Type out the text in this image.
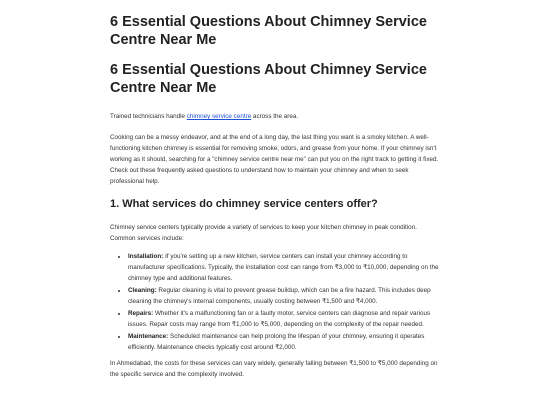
6 Essential Questions About Chimney Service Centre Near Me
6 Essential Questions About Chimney Service Centre Near Me

Trained technicians handle chimney service centre across the area.

Cooking can be a messy endeavor, and at the end of a long day, the last thing you want is a smoky kitchen. A well-functioning kitchen chimney is essential for removing smoke, odors, and grease from your home. If your chimney isn't working as it should, searching for a "chimney service centre near me" can put you on the right track to getting it fixed. Check out these frequently asked questions to understand how to maintain your chimney and when to seek professional help.

1. What services do chimney service centers offer?

Chimney service centers typically provide a variety of services to keep your kitchen chimney in peak condition. Common services include:

• Installation: If you're setting up a new kitchen, service centers can install your chimney according to manufacturer specifications. Typically, the installation cost can range from ₹3,000 to ₹10,000, depending on the chimney type and additional features.
• Cleaning: Regular cleaning is vital to prevent grease buildup, which can be a fire hazard. This includes deep cleaning the chimney's internal components, usually costing between ₹1,500 and ₹4,000.
• Repairs: Whether it's a malfunctioning fan or a faulty motor, service centers can diagnose and repair various issues. Repair costs may range from ₹1,000 to ₹5,000, depending on the complexity of the repair needed.
• Maintenance: Scheduled maintenance can help prolong the lifespan of your chimney, ensuring it operates efficiently. Maintenance checks typically cost around ₹2,000.

In Ahmedabad, the costs for these services can vary widely, generally falling between ₹1,500 to ₹5,000 depending on the specific service and the complexity involved.
